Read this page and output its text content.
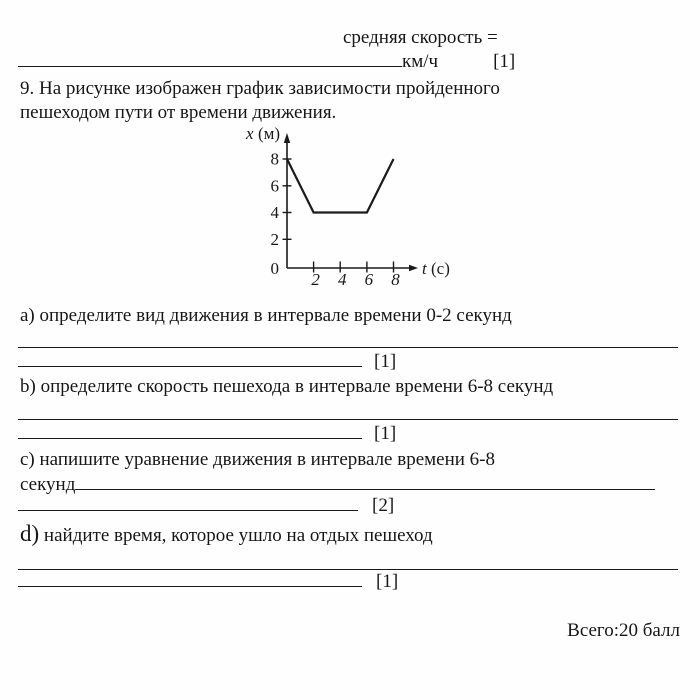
средняя скорость =
км/ч	[1]
9. На рисунке изображен график зависимости пройденного
пешеходом пути от времени движения.
x (м)
t (с)
0
8
6
4
2
2 4 6 8
a) определите вид движения в интервале времени 0-2 секунд
[1]
b) определите скорость пешехода в интервале времени 6-8 секунд
[1]
c) напишите уравнение движения в интервале времени 6-8
секунд
[2]
d) найдите время, которое ушло на отдых пешеход
[1]
Всего:20 балл
